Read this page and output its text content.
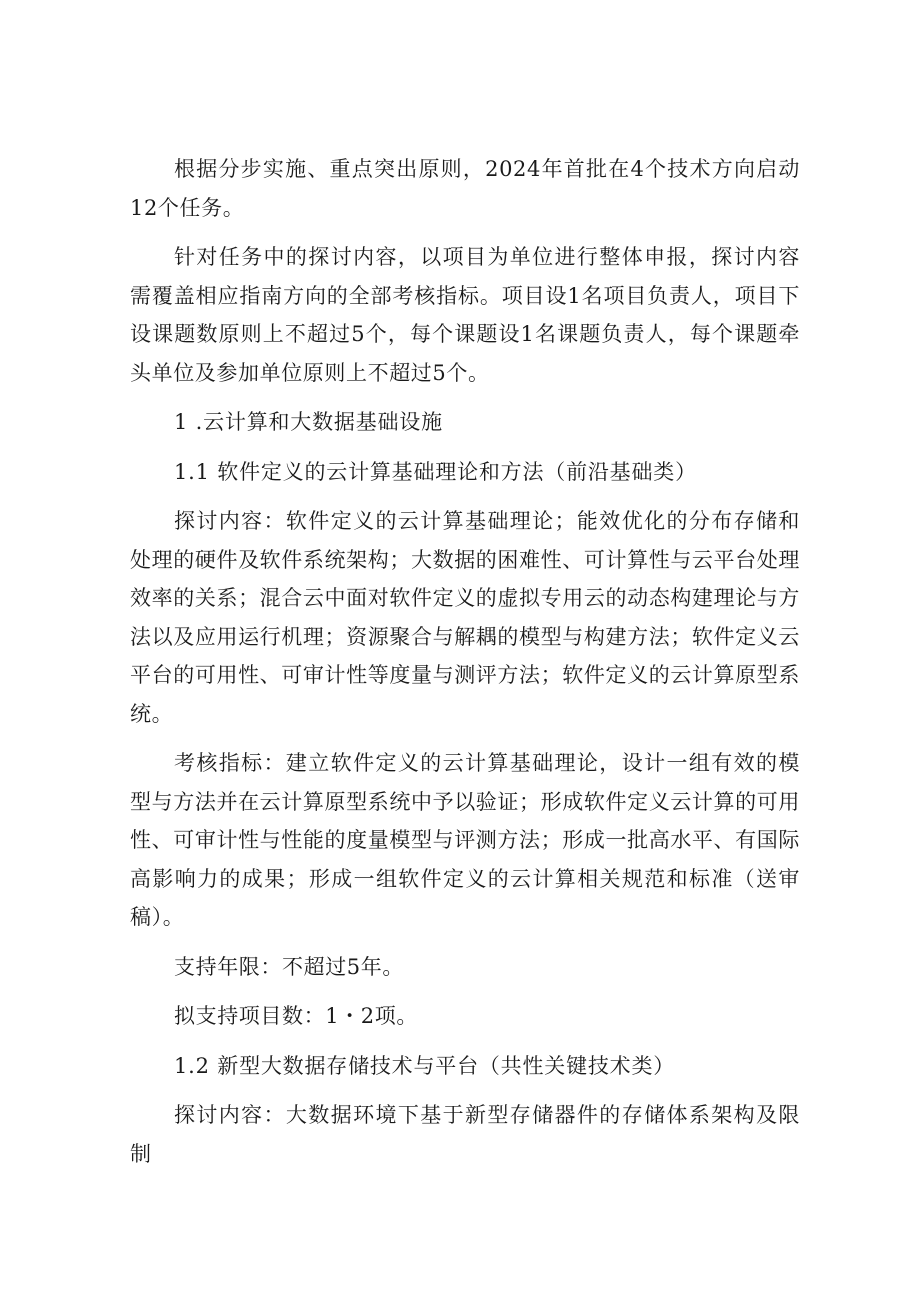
根据分步实施、重点突出原则，2024年首批在4个技术方向启动12个任务。

针对任务中的探讨内容，以项目为单位进行整体申报，探讨内容需覆盖相应指南方向的全部考核指标。项目设1名项目负责人，项目下设课题数原则上不超过5个，每个课题设1名课题负责人，每个课题牵头单位及参加单位原则上不超过5个。

1 .云计算和大数据基础设施

1.1 软件定义的云计算基础理论和方法（前沿基础类）

探讨内容：软件定义的云计算基础理论；能效优化的分布存储和处理的硬件及软件系统架构；大数据的困难性、可计算性与云平台处理效率的关系；混合云中面对软件定义的虚拟专用云的动态构建理论与方法以及应用运行机理；资源聚合与解耦的模型与构建方法；软件定义云平台的可用性、可审计性等度量与测评方法；软件定义的云计算原型系统。

考核指标：建立软件定义的云计算基础理论，设计一组有效的模型与方法并在云计算原型系统中予以验证；形成软件定义云计算的可用性、可审计性与性能的度量模型与评测方法；形成一批高水平、有国际高影响力的成果；形成一组软件定义的云计算相关规范和标准（送审稿）。

支持年限：不超过5年。

拟支持项目数：1・2项。

1.2 新型大数据存储技术与平台（共性关键技术类）

探讨内容：大数据环境下基于新型存储器件的存储体系架构及限制
